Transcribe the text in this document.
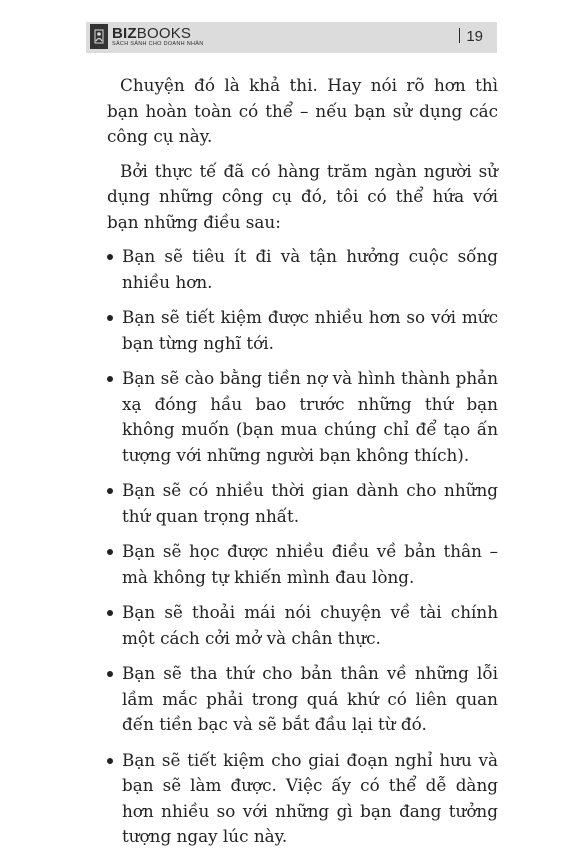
BIZBOOKS
SÁCH SÁNH CHO DOANH NHÂN	19

Chuyện đó là khả thi. Hay nói rõ hơn thì bạn hoàn toàn có thể – nếu bạn sử dụng các công cụ này.

Bởi thực tế đã có hàng trăm ngàn người sử dụng những công cụ đó, tôi có thể hứa với bạn những điều sau:

Bạn sẽ tiêu ít đi và tận hưởng cuộc sống nhiều hơn.
Bạn sẽ tiết kiệm được nhiều hơn so với mức bạn từng nghĩ tới.
Bạn sẽ cào bằng tiền nợ và hình thành phản xạ đóng hầu bao trước những thứ bạn không muốn (bạn mua chúng chỉ để tạo ấn tượng với những người bạn không thích).
Bạn sẽ có nhiều thời gian dành cho những thứ quan trọng nhất.
Bạn sẽ học được nhiều điều về bản thân – mà không tự khiến mình đau lòng.
Bạn sẽ thoải mái nói chuyện về tài chính một cách cởi mở và chân thực.
Bạn sẽ tha thứ cho bản thân về những lỗi lầm mắc phải trong quá khứ có liên quan đến tiền bạc và sẽ bắt đầu lại từ đó.
Bạn sẽ tiết kiệm cho giai đoạn nghỉ hưu và bạn sẽ làm được. Việc ấy có thể dễ dàng hơn nhiều so với những gì bạn đang tưởng tượng ngay lúc này.
